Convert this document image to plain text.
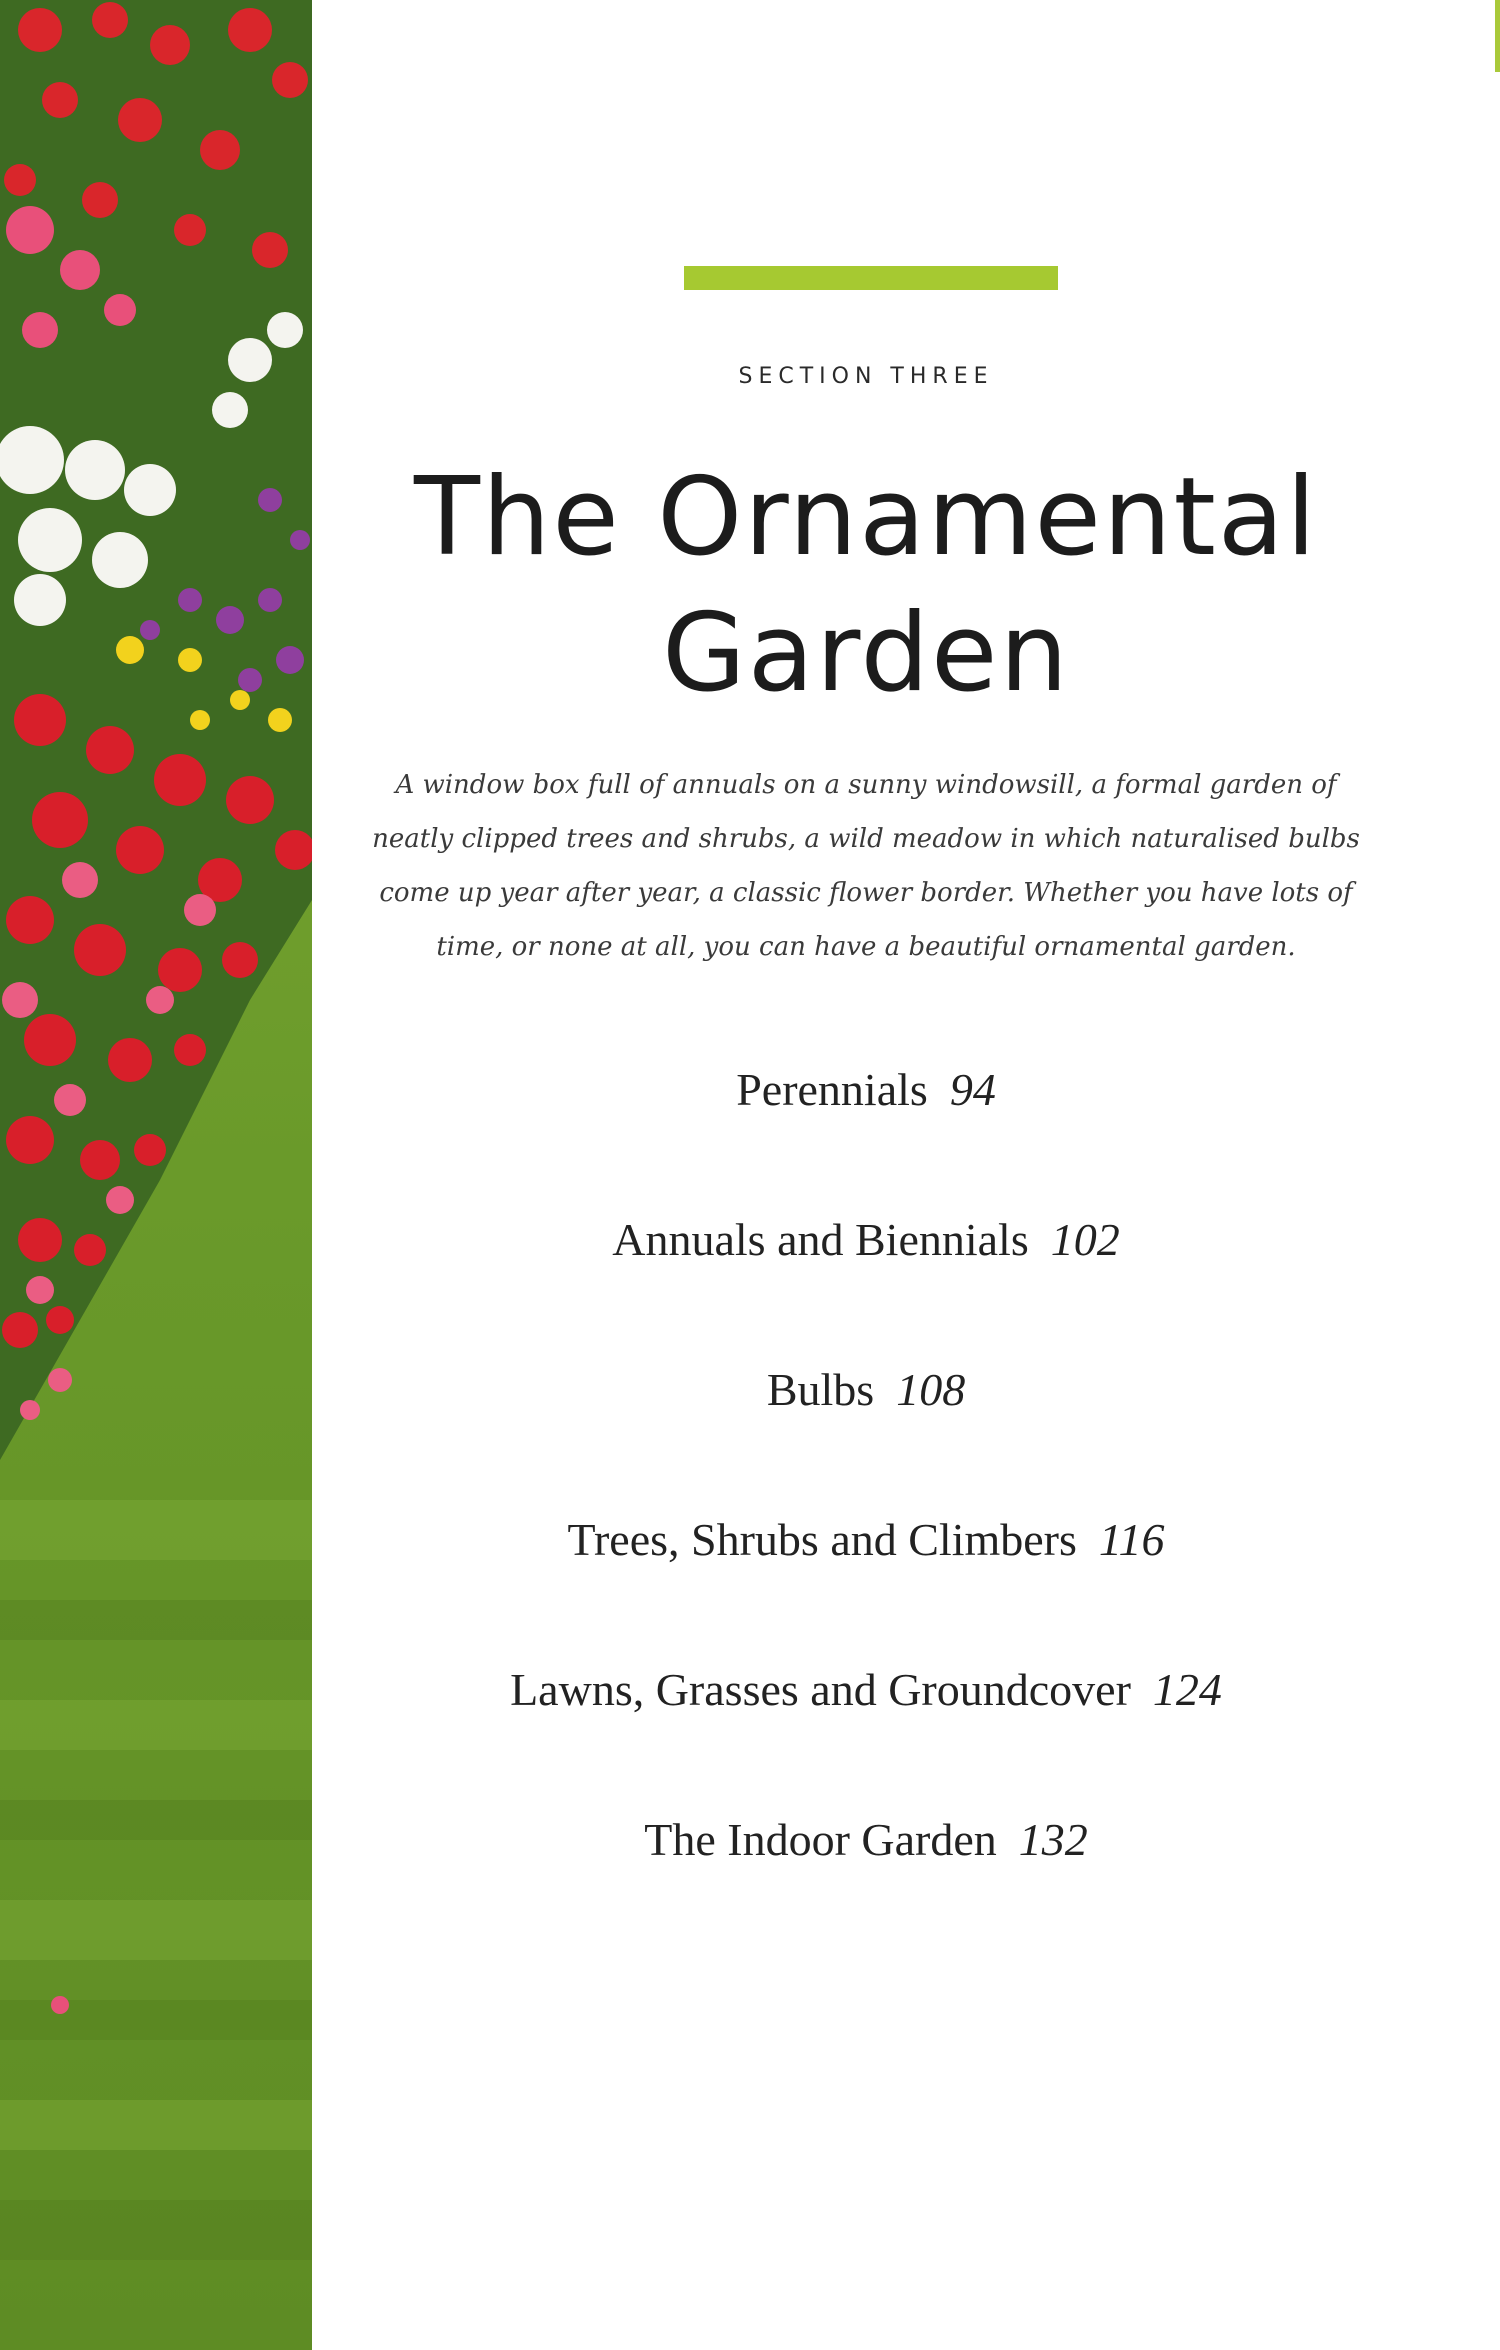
SECTION THREE
The Ornamental
Garden

A window box full of annuals on a sunny windowsill, a formal garden of neatly clipped trees and shrubs, a wild meadow in which naturalised bulbs come up year after year, a classic flower border. Whether you have lots of time, or none at all, you can have a beautiful ornamental garden.

Perennials 94
Annuals and Biennials 102
Bulbs 108
Trees, Shrubs and Climbers 116
Lawns, Grasses and Groundcover 124
The Indoor Garden 132
